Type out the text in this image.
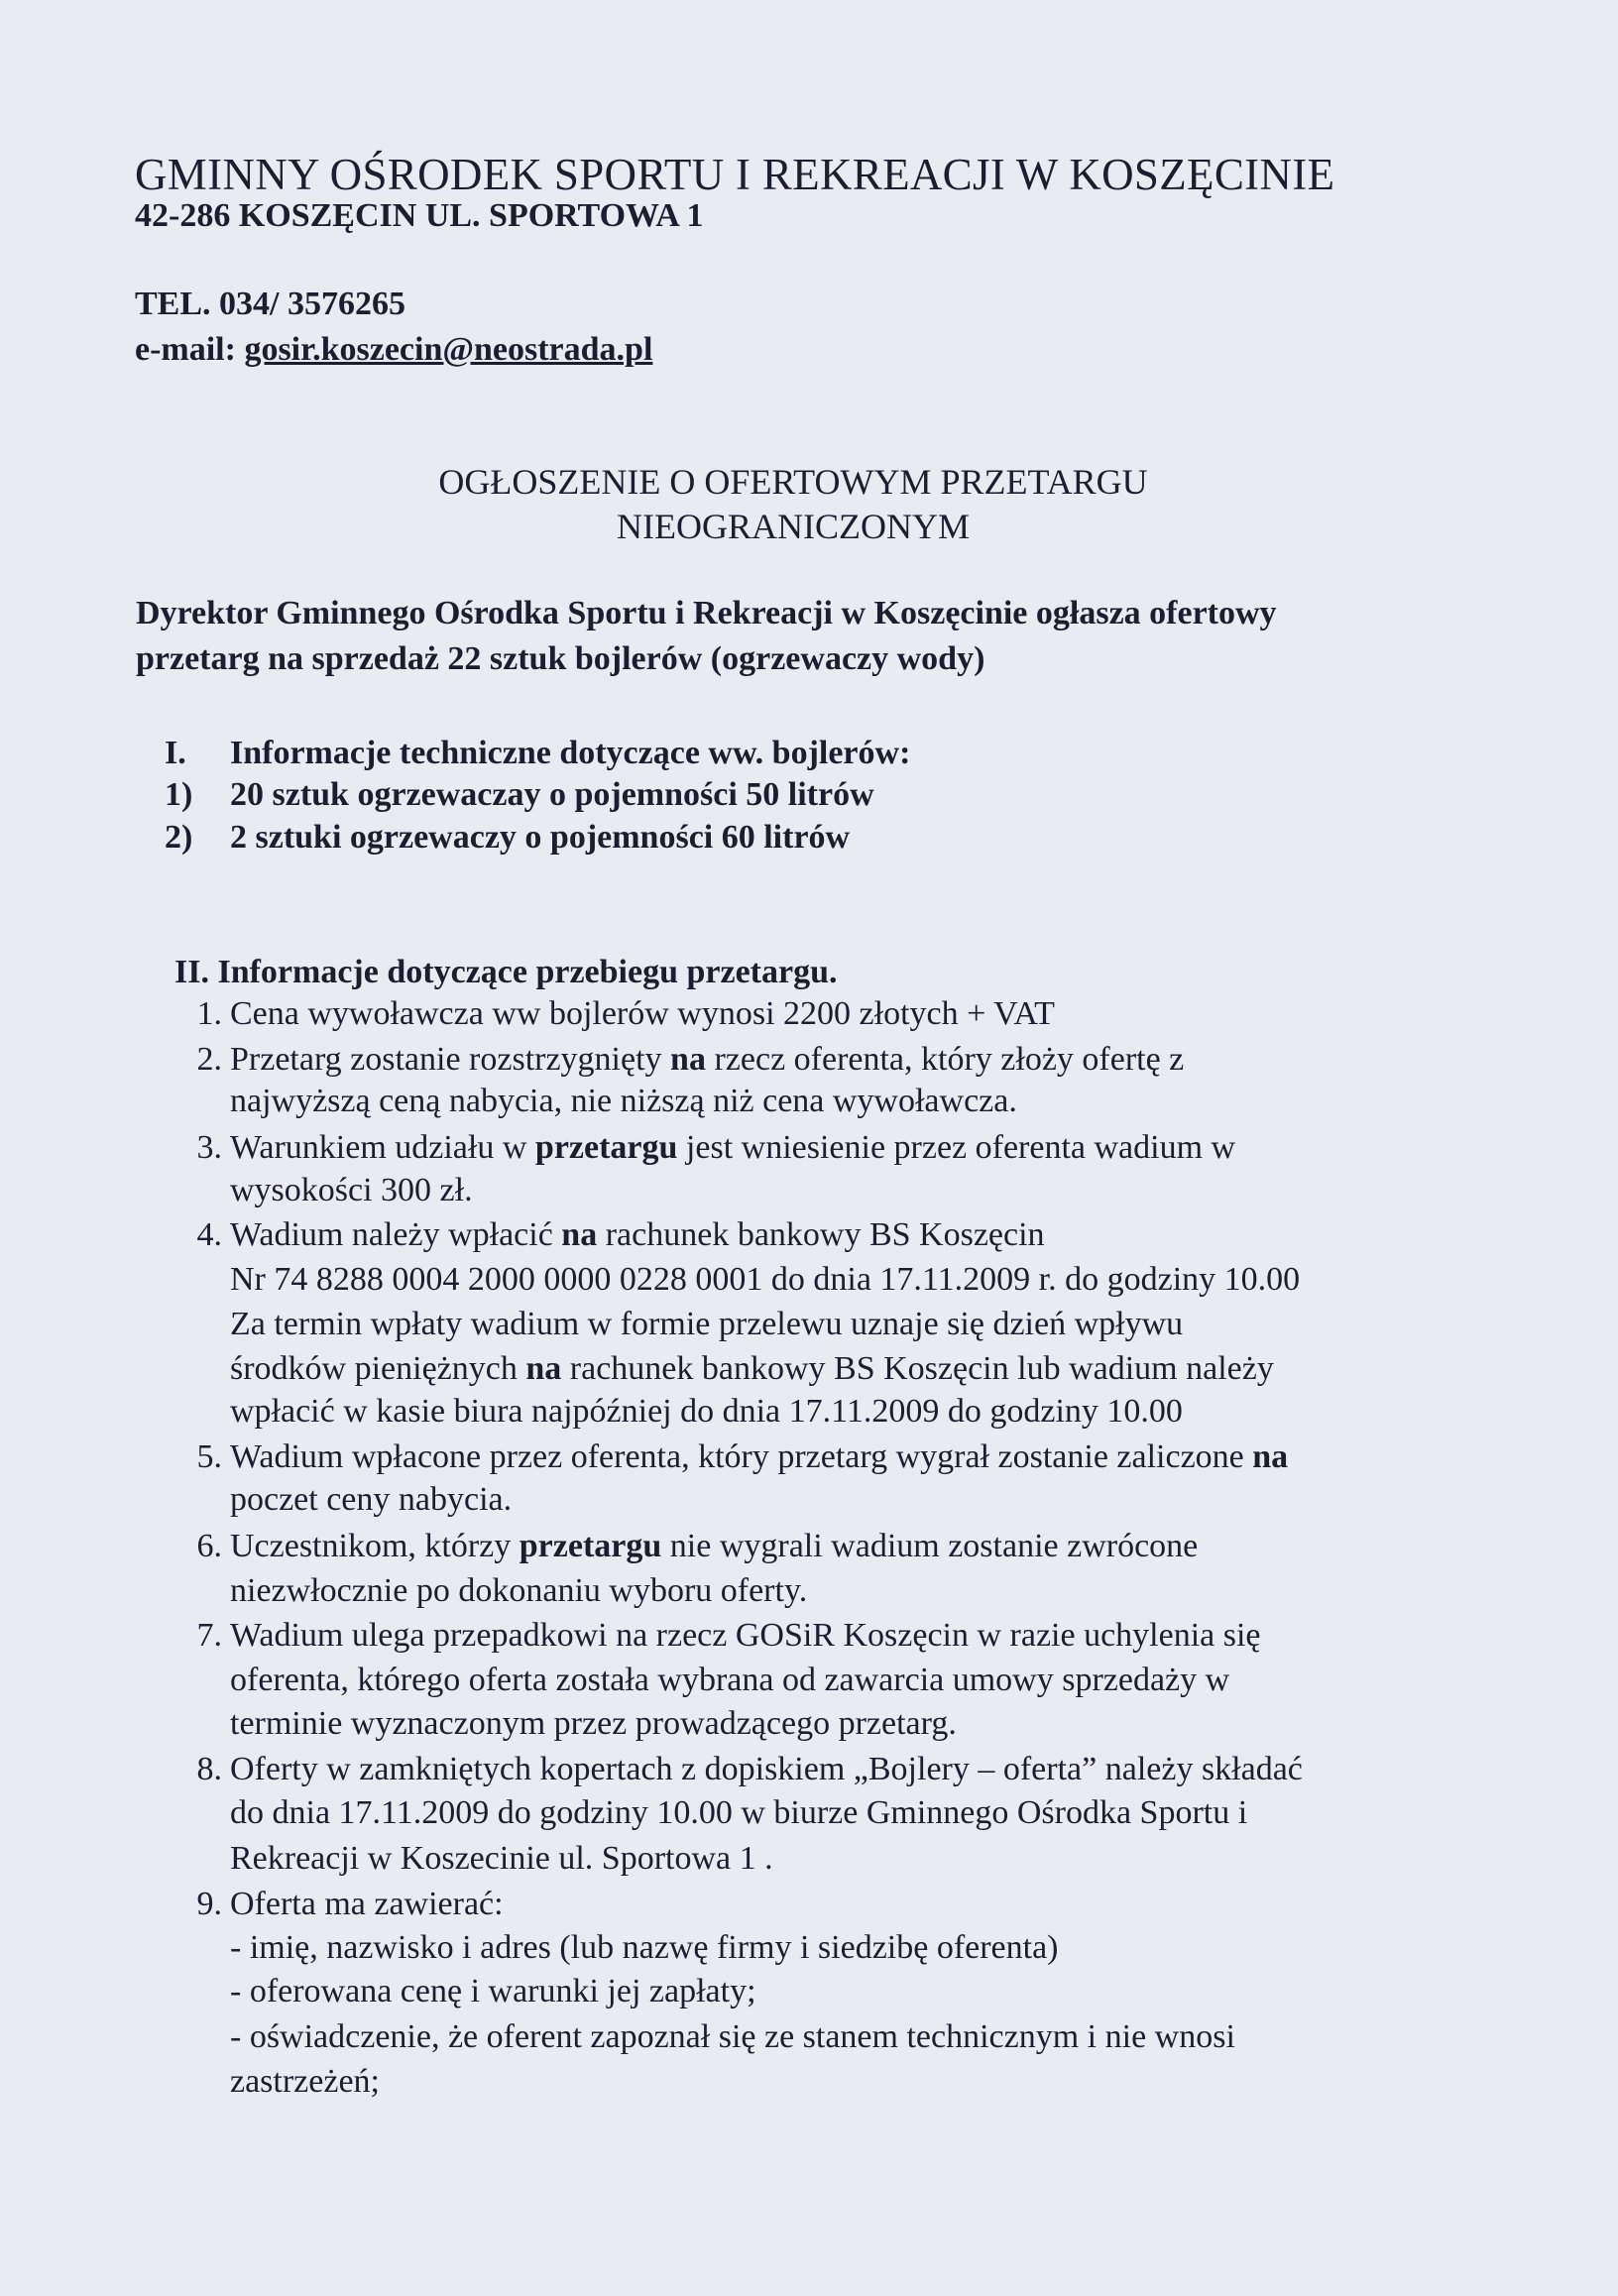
GMINNY OŚRODEK SPORTU I REKREACJI W KOSZĘCINIE
42-286 KOSZĘCIN UL. SPORTOWA 1
TEL. 034/ 3576265
e-mail: gosir.koszecin@neostrada.pl
OGŁOSZENIE O OFERTOWYM PRZETARGU
NIEOGRANICZONYM
Dyrektor Gminnego Ośrodka Sportu i Rekreacji w Koszęcinie ogłasza ofertowy
przetarg na sprzedaż 22 sztuk bojlerów (ogrzewaczy wody)
I. Informacje techniczne dotyczące ww. bojlerów:
1) 20 sztuk ogrzewaczay o pojemności 50 litrów
2) 2 sztuki ogrzewaczy o pojemności 60 litrów
II. Informacje dotyczące przebiegu przetargu.
1. Cena wywoławcza ww bojlerów wynosi 2200 złotych + VAT
2. Przetarg zostanie rozstrzygnięty na rzecz oferenta, który złoży ofertę z
najwyższą ceną nabycia, nie niższą niż cena wywoławcza.
3. Warunkiem udziału w przetargu jest wniesienie przez oferenta wadium w
wysokości 300 zł.
4. Wadium należy wpłacić na rachunek bankowy BS Koszęcin
Nr 74 8288 0004 2000 0000 0228 0001 do dnia 17.11.2009 r. do godziny 10.00
Za termin wpłaty wadium w formie przelewu uznaje się dzień wpływu
środków pieniężnych na rachunek bankowy BS Koszęcin lub wadium należy
wpłacić w kasie biura najpóźniej do dnia 17.11.2009 do godziny 10.00
5. Wadium wpłacone przez oferenta, który przetarg wygrał zostanie zaliczone na
poczet ceny nabycia.
6. Uczestnikom, którzy przetargu nie wygrali wadium zostanie zwrócone
niezwłocznie po dokonaniu wyboru oferty.
7. Wadium ulega przepadkowi na rzecz GOSiR Koszęcin w razie uchylenia się
oferenta, którego oferta została wybrana od zawarcia umowy sprzedaży w
terminie wyznaczonym przez prowadzącego przetarg.
8. Oferty w zamkniętych kopertach z dopiskiem „Bojlery – oferta” należy składać
do dnia 17.11.2009 do godziny 10.00 w biurze Gminnego Ośrodka Sportu i
Rekreacji w Koszecinie ul. Sportowa 1 .
9. Oferta ma zawierać:
- imię, nazwisko i adres (lub nazwę firmy i siedzibę oferenta)
- oferowana cenę i warunki jej zapłaty;
- oświadczenie, że oferent zapoznał się ze stanem technicznym i nie wnosi
zastrzeżeń;
